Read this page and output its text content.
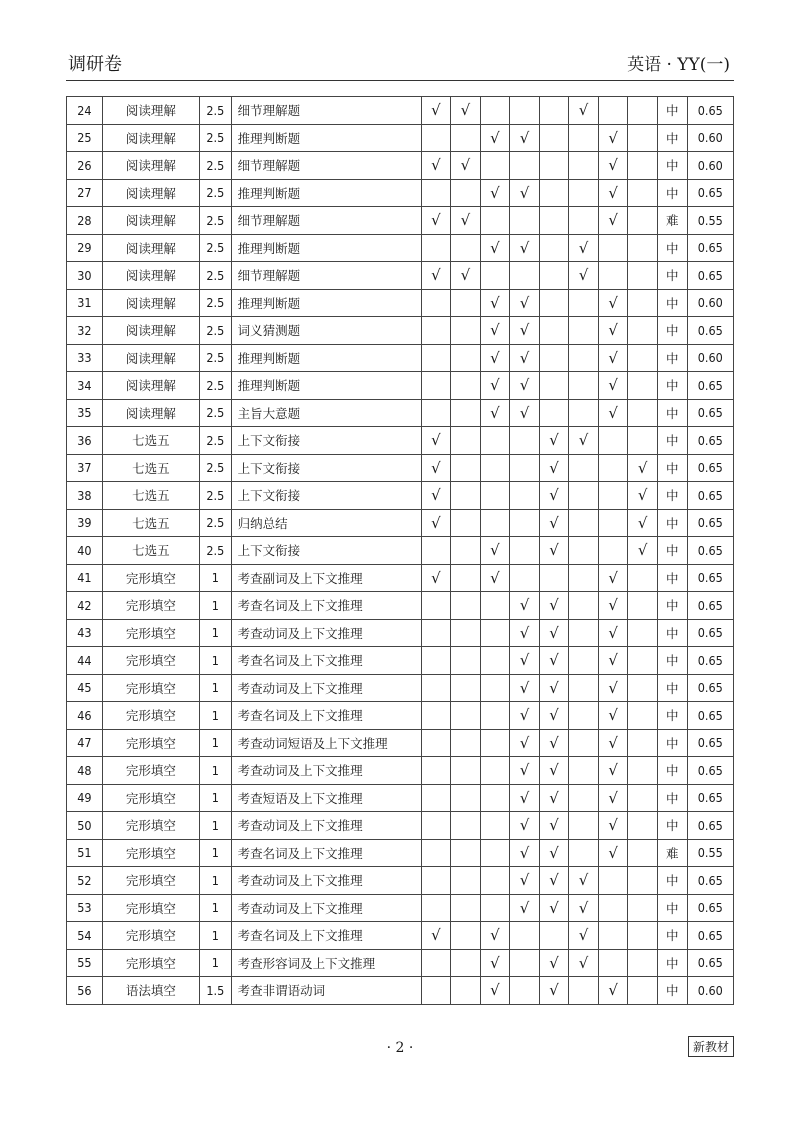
调研卷	英语 · YY(一)
24	阅读理解	2.5	细节理解题	√	√				√			中	0.65
25	阅读理解	2.5	推理判断题			√	√			√		中	0.60
26	阅读理解	2.5	细节理解题	√	√					√		中	0.60
27	阅读理解	2.5	推理判断题			√	√			√		中	0.65
28	阅读理解	2.5	细节理解题	√	√					√		难	0.55
29	阅读理解	2.5	推理判断题			√	√		√			中	0.65
30	阅读理解	2.5	细节理解题	√	√				√			中	0.65
31	阅读理解	2.5	推理判断题			√	√			√		中	0.60
32	阅读理解	2.5	词义猜测题			√	√			√		中	0.65
33	阅读理解	2.5	推理判断题			√	√			√		中	0.60
34	阅读理解	2.5	推理判断题			√	√			√		中	0.65
35	阅读理解	2.5	主旨大意题			√	√			√		中	0.65
36	七选五	2.5	上下文衔接	√				√	√			中	0.65
37	七选五	2.5	上下文衔接	√				√			√	中	0.65
38	七选五	2.5	上下文衔接	√				√			√	中	0.65
39	七选五	2.5	归纳总结	√				√			√	中	0.65
40	七选五	2.5	上下文衔接			√		√			√	中	0.65
41	完形填空	1	考查副词及上下文推理	√		√				√		中	0.65
42	完形填空	1	考查名词及上下文推理				√	√		√		中	0.65
43	完形填空	1	考查动词及上下文推理				√	√		√		中	0.65
44	完形填空	1	考查名词及上下文推理				√	√		√		中	0.65
45	完形填空	1	考查动词及上下文推理				√	√		√		中	0.65
46	完形填空	1	考查名词及上下文推理				√	√		√		中	0.65
47	完形填空	1	考查动词短语及上下文推理				√	√		√		中	0.65
48	完形填空	1	考查动词及上下文推理				√	√		√		中	0.65
49	完形填空	1	考查短语及上下文推理				√	√		√		中	0.65
50	完形填空	1	考查动词及上下文推理				√	√		√		中	0.65
51	完形填空	1	考查名词及上下文推理				√	√		√		难	0.55
52	完形填空	1	考查动词及上下文推理				√	√	√			中	0.65
53	完形填空	1	考查动词及上下文推理				√	√	√			中	0.65
54	完形填空	1	考查名词及上下文推理	√		√			√			中	0.65
55	完形填空	1	考查形容词及上下文推理			√		√	√			中	0.65
56	语法填空	1.5	考查非谓语动词			√		√		√		中	0.60
· 2 ·	新教材
